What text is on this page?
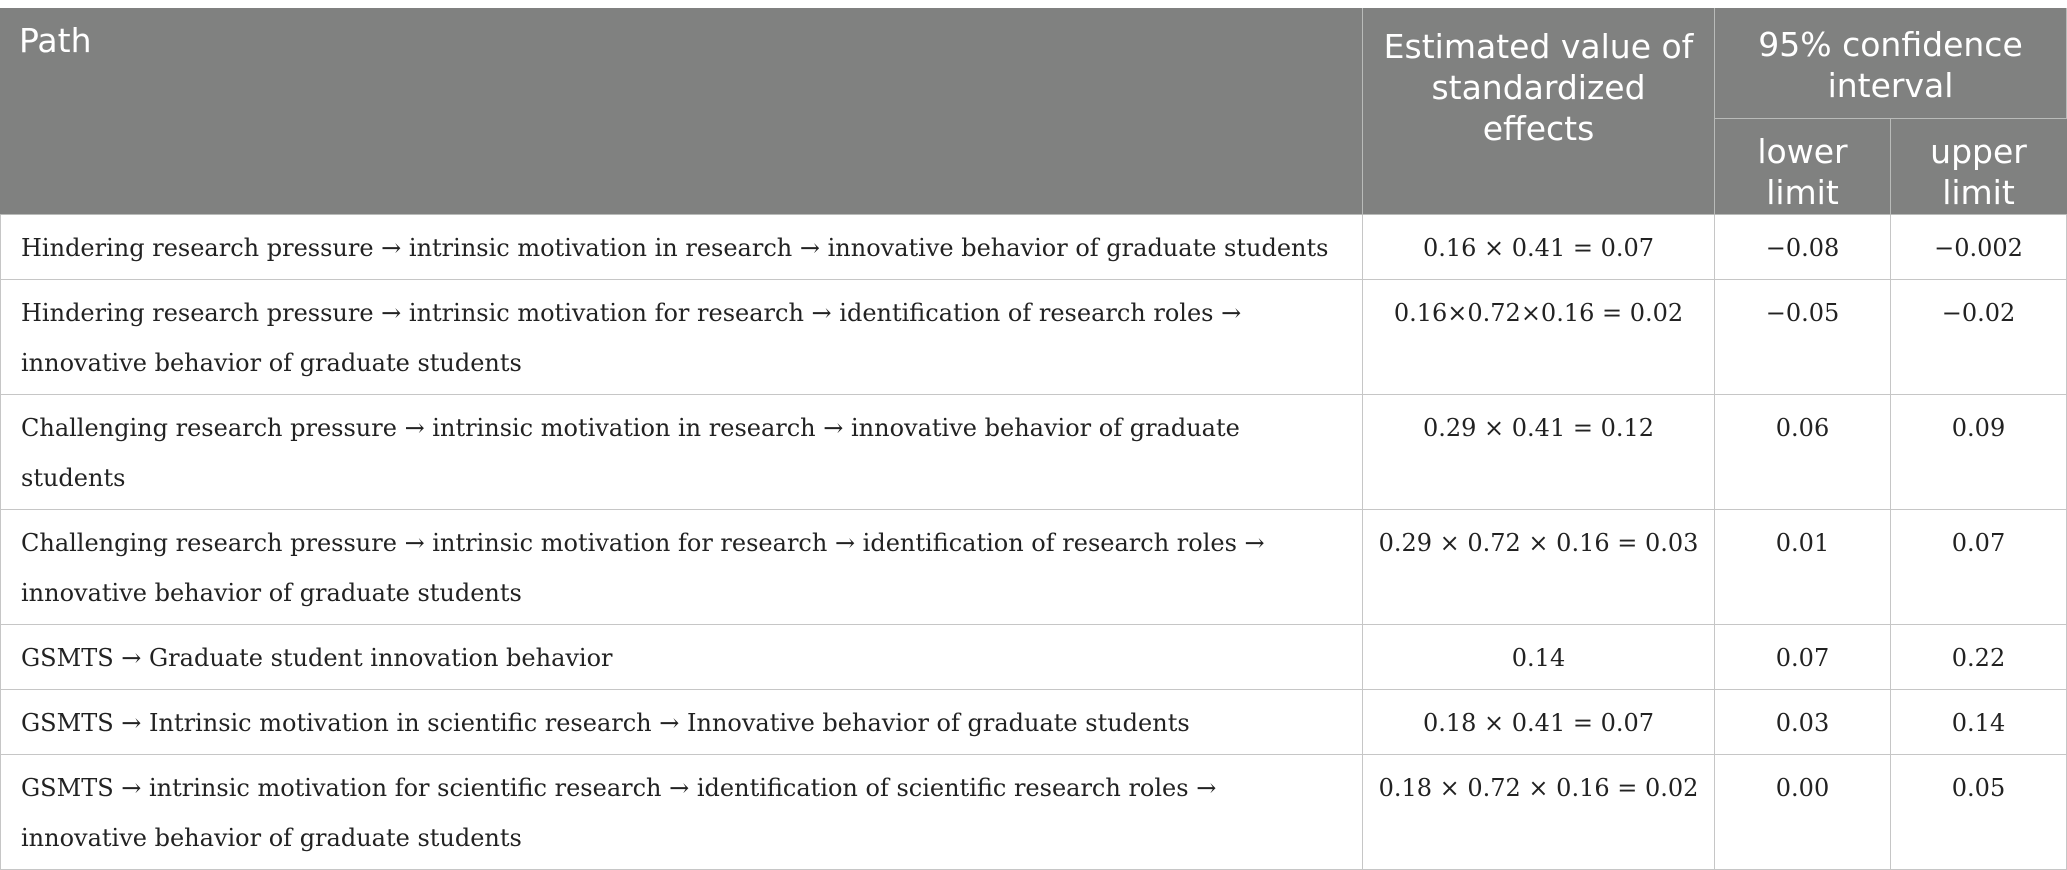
Path	Estimated value of standardized effects	95% confidence interval	
		lower limit	upper limit
Hindering research pressure → intrinsic motivation in research → innovative behavior of graduate students	0.16 × 0.41 = 0.07	−0.08	−0.002
Hindering research pressure → intrinsic motivation for research → identification of research roles → innovative behavior of graduate students	0.16×0.72×0.16 = 0.02	−0.05	−0.02
Challenging research pressure → intrinsic motivation in research → innovative behavior of graduate students	0.29 × 0.41 = 0.12	0.06	0.09
Challenging research pressure → intrinsic motivation for research → identification of research roles → innovative behavior of graduate students	0.29 × 0.72 × 0.16 = 0.03	0.01	0.07
GSMTS → Graduate student innovation behavior	0.14	0.07	0.22
GSMTS → Intrinsic motivation in scientific research → Innovative behavior of graduate students	0.18 × 0.41 = 0.07	0.03	0.14
GSMTS → intrinsic motivation for scientific research → identification of scientific research roles → innovative behavior of graduate students	0.18 × 0.72 × 0.16 = 0.02	0.00	0.05
